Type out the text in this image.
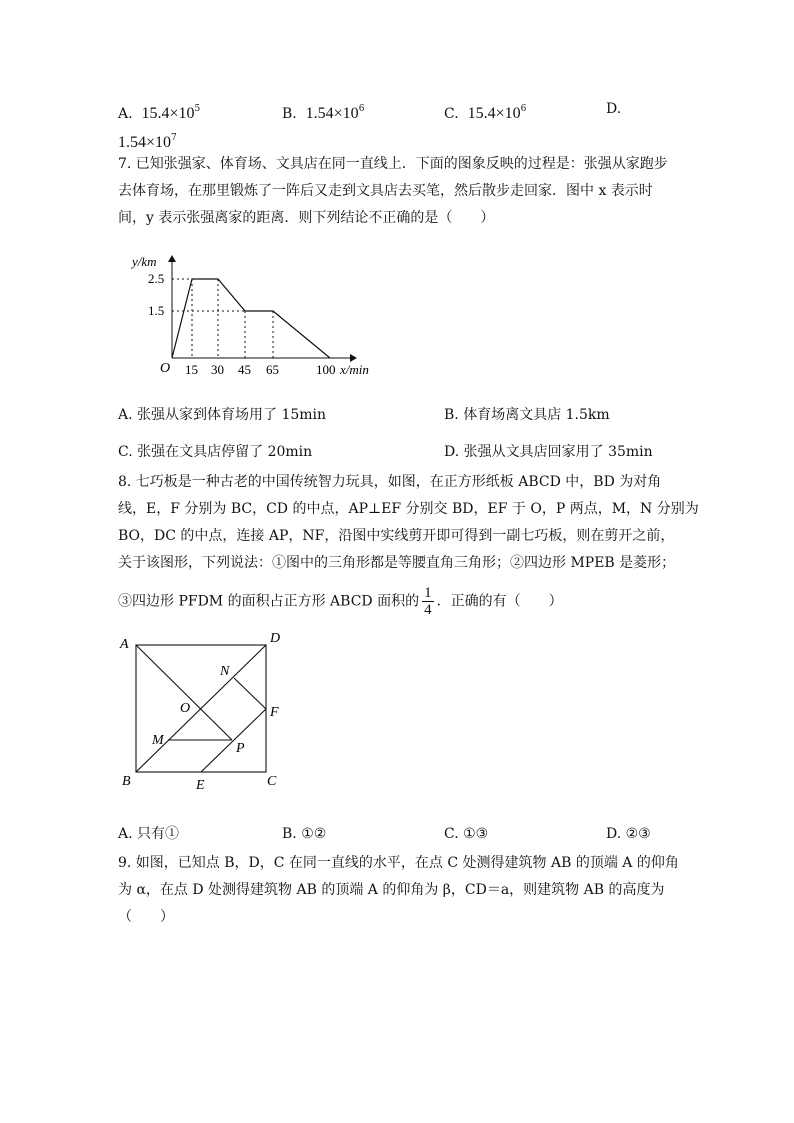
A. $15.4\times 10^5$	B. $1.54\times 10^6$	C. $15.4\times 10^6$	D.
$1.54\times 10^7$
7. 已知张强家、体育场、文具店在同一直线上．下面的图象反映的过程是：张强从家跑步
去体育场，在那里锻炼了一阵后又走到文具店去买笔，然后散步走回家．图中 x 表示时
间，y 表示张强离家的距离．则下列结论不正确的是（　　）
y/km
2.5
1.5
O 15 30 45 65	100 x/min
A. 张强从家到体育场用了 15min	B. 体育场离文具店 1.5km
C. 张强在文具店停留了 20min	D. 张强从文具店回家用了 35min
8. 七巧板是一种古老的中国传统智力玩具，如图，在正方形纸板 ABCD 中，BD 为对角
线，E，F 分别为 BC，CD 的中点，AP⊥EF 分别交 BD，EF 于 O，P 两点，M，N 分别为
BO，DC 的中点，连接 AP，NF，沿图中实线剪开即可得到一副七巧板，则在剪开之前，
关于该图形，下列说法：①图中的三角形都是等腰直角三角形；②四边形 MPEB 是菱形；
③四边形 PFDM 的面积占正方形 ABCD 面积的 $\frac{1}{4}$ ．正确的有（　　）
A	D
N
O	F
M
P
B	E	C
A. 只有①	B. ①②	C. ①③	D. ②③
9. 如图，已知点 B，D，C 在同一直线的水平，在点 C 处测得建筑物 AB 的顶端 A 的仰角
为 α，在点 D 处测得建筑物 AB 的顶端 A 的仰角为 β，CD＝a，则建筑物 AB 的高度为
（　　）
